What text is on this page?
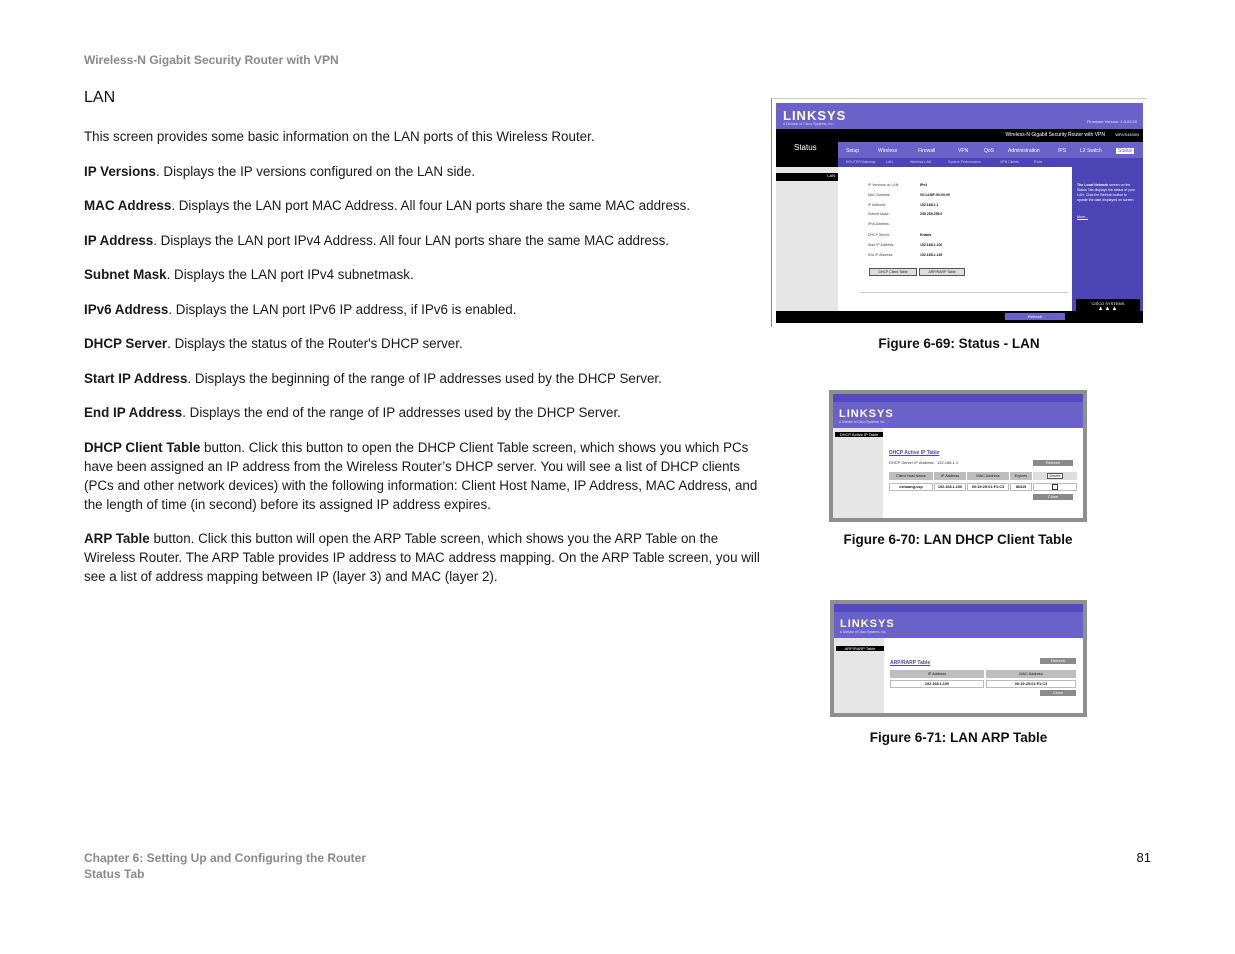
Wireless-N Gigabit Security Router with VPN
LAN

This screen provides some basic information on the LAN ports of this Wireless Router.

IP Versions. Displays the IP versions configured on the LAN side.

MAC Address. Displays the LAN port MAC Address. All four LAN ports share the same MAC address.

IP Address. Displays the LAN port IPv4 Address. All four LAN ports share the same MAC address.

Subnet Mask. Displays the LAN port IPv4 subnetmask.

IPv6 Address. Displays the LAN port IPv6 IP address, if IPv6 is enabled.

DHCP Server. Displays the status of the Router's DHCP server.

Start IP Address. Displays the beginning of the range of IP addresses used by the DHCP Server.

End IP Address. Displays the end of the range of IP addresses used by the DHCP Server.

DHCP Client Table button. Click this button to open the DHCP Client Table screen, which shows you which PCs have been assigned an IP address from the Wireless Router’s DHCP server. You will see a list of DHCP clients (PCs and other network devices) with the following information: Client Host Name, IP Address, MAC Address, and the length of time (in second) before its assigned IP address expires.

ARP Table button. Click this button will open the ARP Table screen, which shows you the ARP Table on the Wireless Router. The ARP Table provides IP address to MAC address mapping. On the ARP Table screen, you will see a list of address mapping between IP (layer 3) and MAC (layer 2).

LINKSYS
A Division of Cisco Systems, Inc.	Firmware Version: 1.0.02.00
Status
Wireless-N Gigabit Security Router with VPN	WRVS4400N
Setup	Wireless	Firewall	VPN	QoS	Administration	IPS	L2 Switch	Status
ROUTER/Gateway	LAN	Wireless LAN	System Performance	VPN Clients	Ports
LAN
IP Versions on LAN:	IPv4
MAC Address:	00:14:BF:00:00:00
IP Address:	192.168.1.1
Subnet Mask:	255.255.255.0
IPv6 Address:
DHCP Server:	Enable
Start IP Address:	192.168.1.100
End IP Address:	192.168.1.149
DHCP Client Table	ARP/RARP Table
The Local Network screen on the Status Tab displays the status of your LAN. Click the Refresh button to update the data displayed on screen.
More...
Refresh
CISCO SYSTEMS
▲▲▲
Figure 6-69: Status - LAN
LINKSYS
A Division of Cisco Systems, Inc.
DHCP Active IP Table
DHCP Active IP Table
DHCP Server IP Address: 192.168.1.1	Refresh
Client Host Name	IP Address	MAC Address	Expires	Delete
cshuang-vsp	192.168.1.100	00:19:25:01:F1:C3	86319
Close
Figure 6-70: LAN DHCP Client Table
LINKSYS
A Division of Cisco Systems, Inc.
ARP/RARP Table
ARP/RARP Table	Refresh
IP Address	MAC Address
192.168.1.100	00:19:25:01:F1:C3
Close
Figure 6-71: LAN ARP Table
Chapter 6: Setting Up and Configuring the Router
Status Tab
81
